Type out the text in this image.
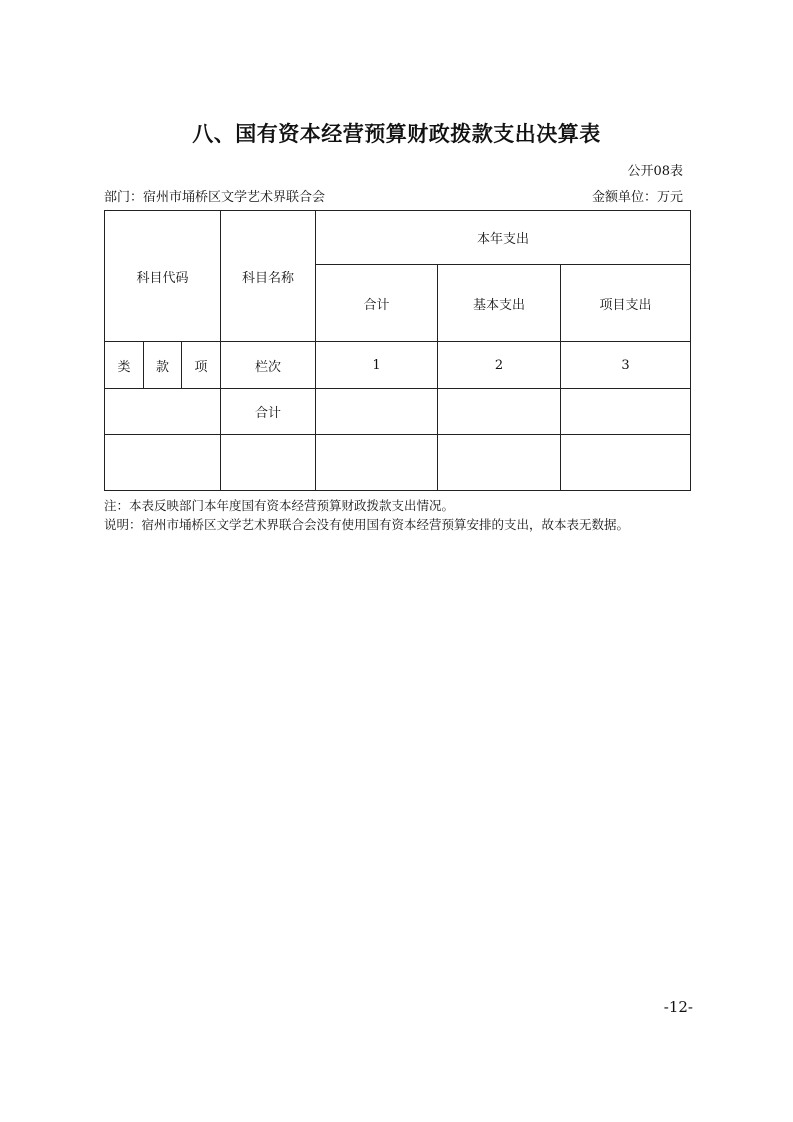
八、国有资本经营预算财政拨款支出决算表
公开08表
部门：宿州市埇桥区文学艺术界联合会	金额单位：万元
科目代码			科目名称	本年支出		
				合计	基本支出	项目支出
类	款	项	栏次	1	2	3
			合计			

注：本表反映部门本年度国有资本经营预算财政拨款支出情况。
说明：宿州市埇桥区文学艺术界联合会没有使用国有资本经营预算安排的支出，故本表无数据。
-12-
